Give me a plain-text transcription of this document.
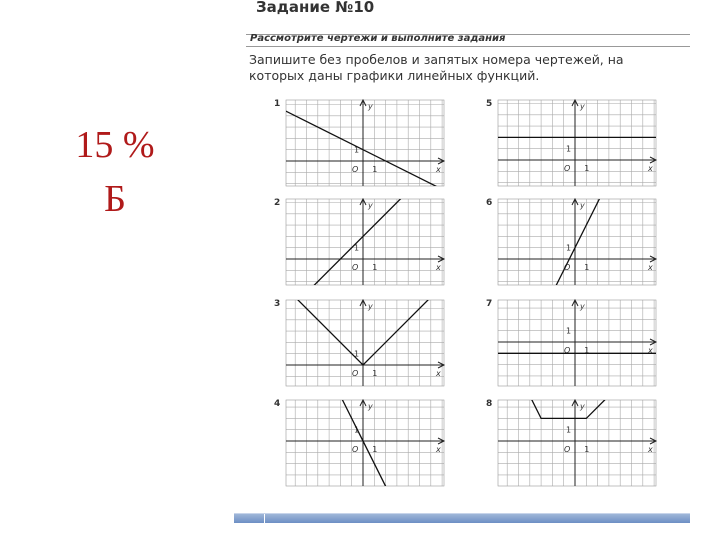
15 %
Б
Задание №10
Рассмотрите чертежи и выполните задания
Запишите без пробелов и запятых номера чертежей, на которых даны графики линейных функций.
1
x
y
O 1
1
2
x
y
O 1
1
3
x
y
O 1
1
4
x
y
O 1
1
5
x
y
O 1
1
6
x
y
O 1
1
7
x
y
O 1
1
8
x
y
O 1
1
